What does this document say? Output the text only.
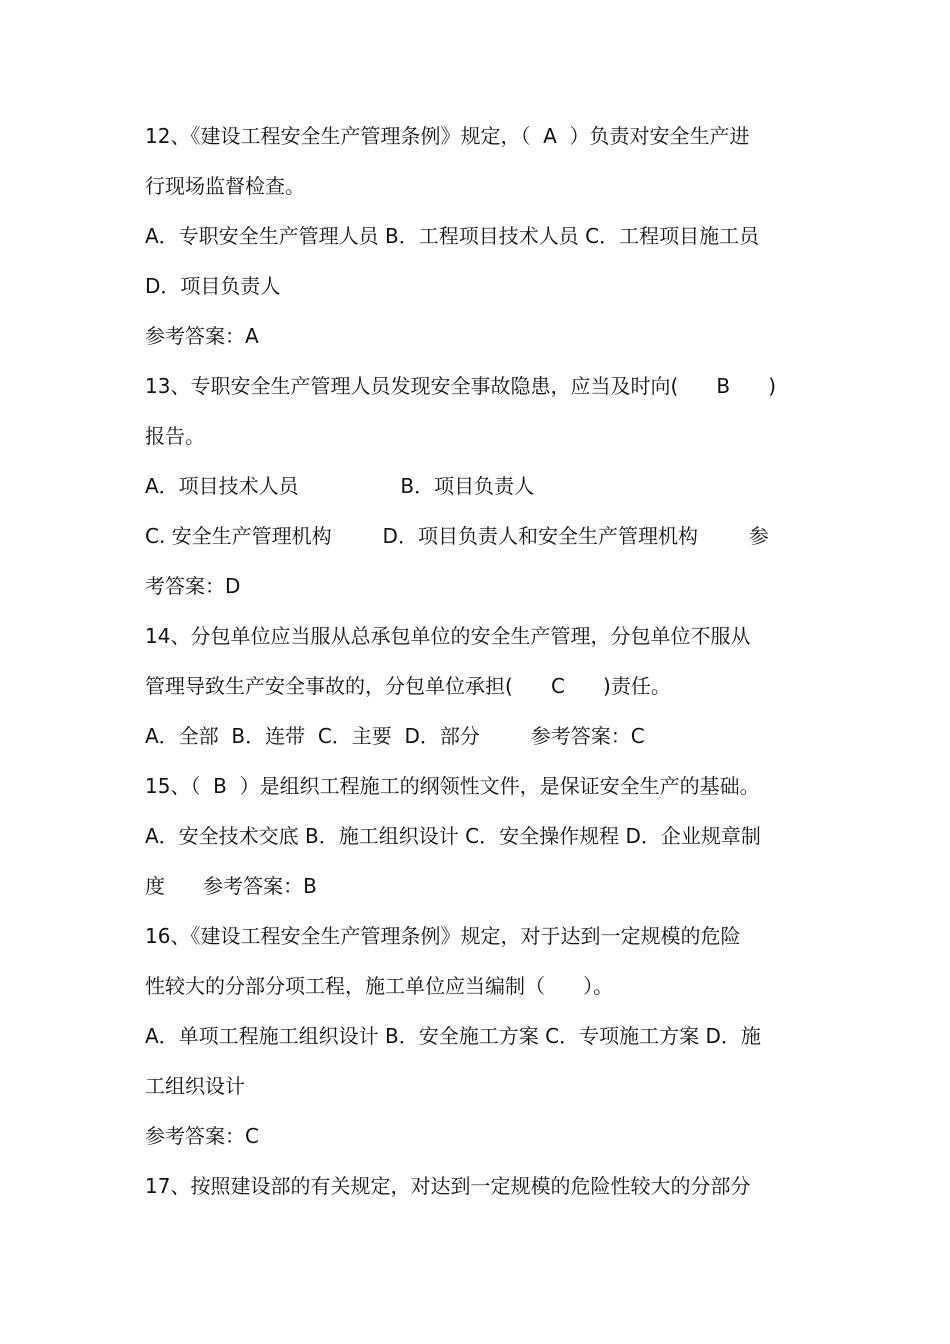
12、《建设工程安全生产管理条例》规定，（  A  ）负责对安全生产进
行现场监督检查。
A．专职安全生产管理人员 B．工程项目技术人员 C．工程项目施工员
D．项目负责人
参考答案：A
13、专职安全生产管理人员发现安全事故隐患，应当及时向(      B      )
报告。
A．项目技术人员                B．项目负责人
C. 安全生产管理机构        D．项目负责人和安全生产管理机构        参
考答案：D
14、分包单位应当服从总承包单位的安全生产管理，分包单位不服从
管理导致生产安全事故的，分包单位承担(      C      )责任。
A．全部  B．连带  C．主要  D．部分        参考答案：C
15、（  B  ）是组织工程施工的纲领性文件，是保证安全生产的基础。
A．安全技术交底 B．施工组织设计 C．安全操作规程 D．企业规章制
度      参考答案：B
16、《建设工程安全生产管理条例》规定，对于达到一定规模的危险
性较大的分部分项工程，施工单位应当编制（      ）。
A．单项工程施工组织设计 B．安全施工方案 C．专项施工方案 D．施
工组织设计
参考答案：C
17、按照建设部的有关规定，对达到一定规模的危险性较大的分部分
